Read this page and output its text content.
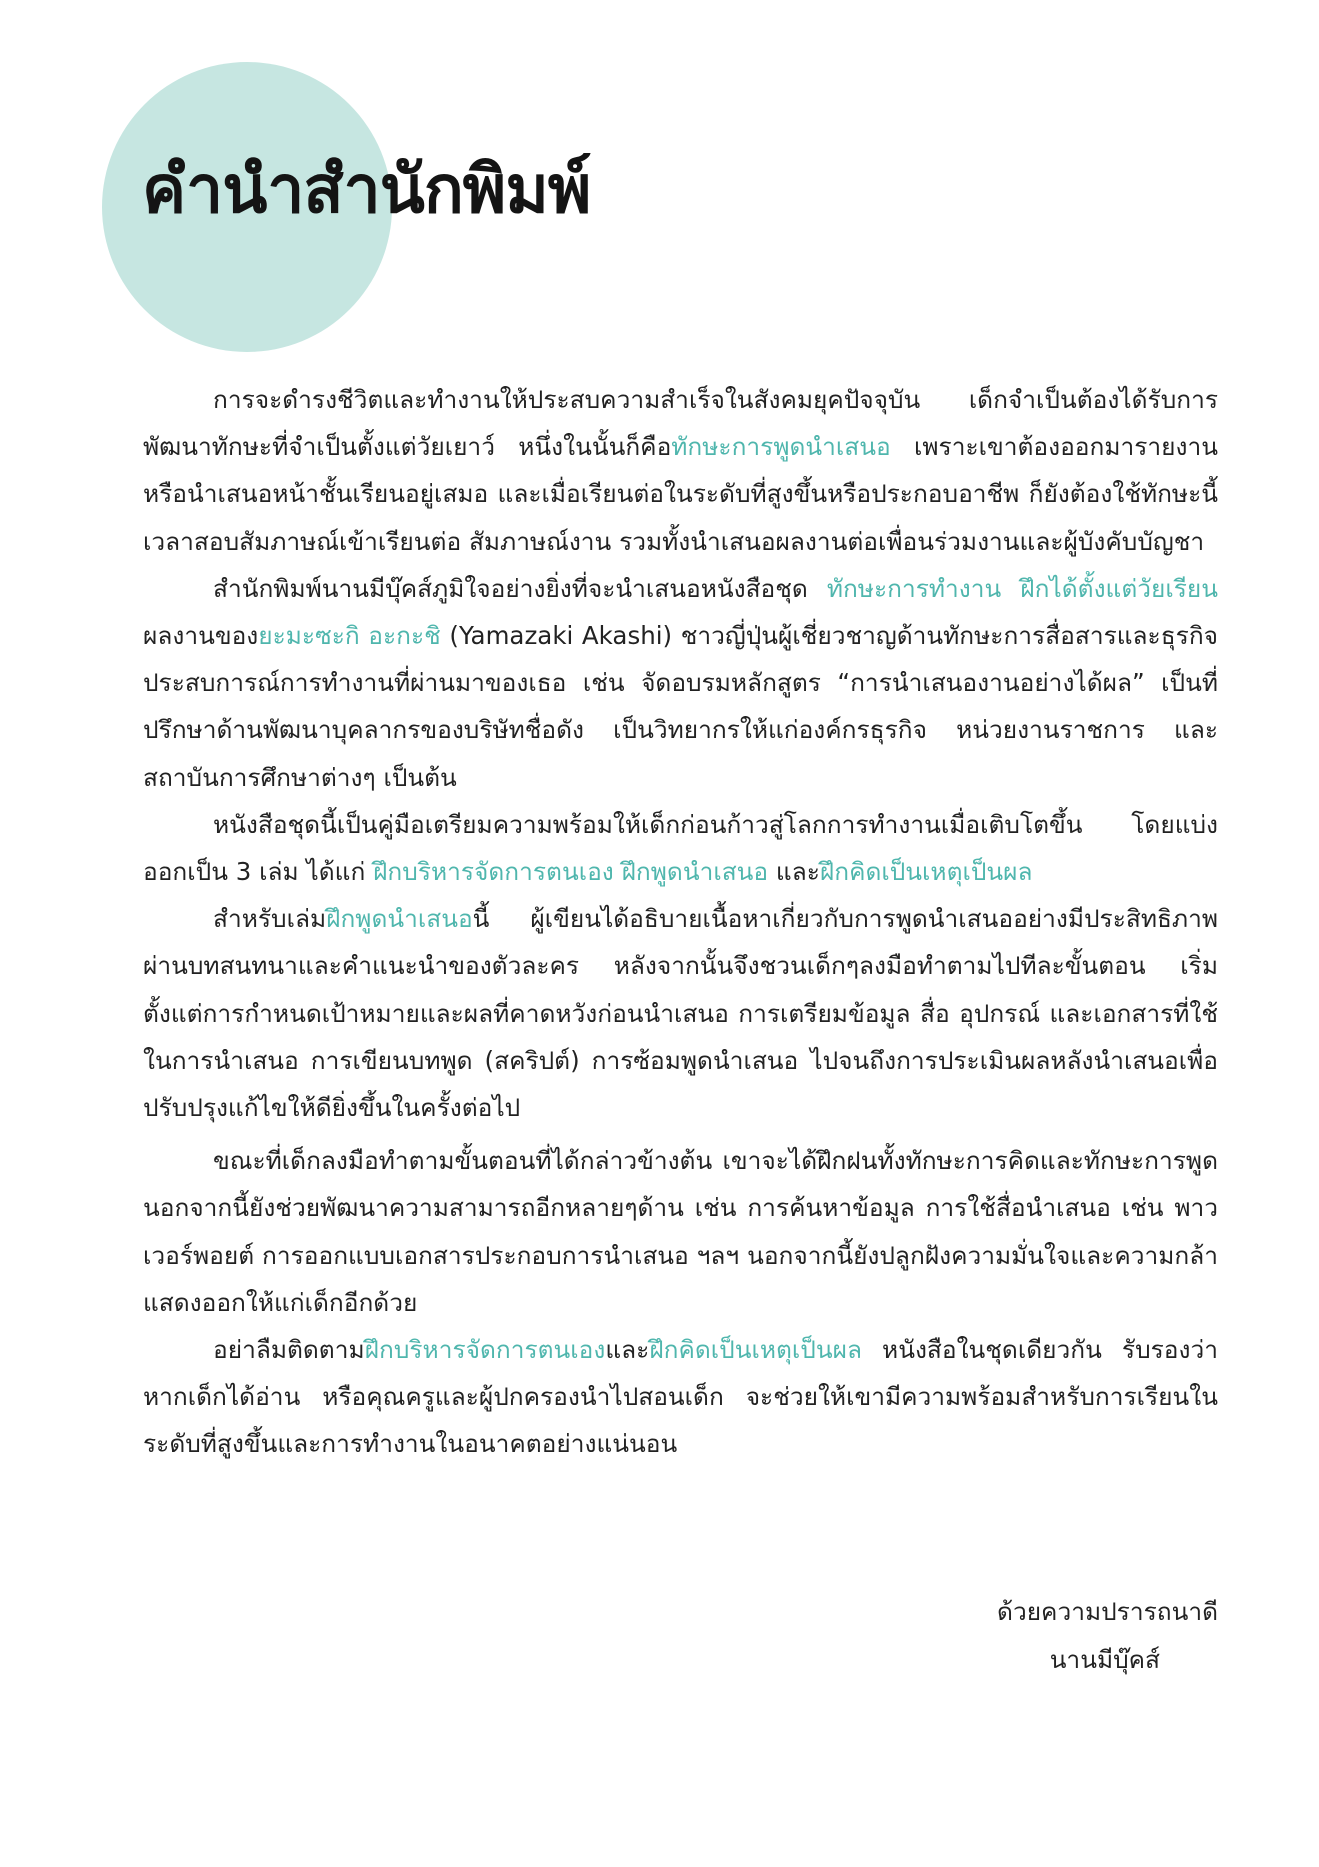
คำนำสำนักพิมพ์

การจะดำรงชีวิตและทำงานให้ประสบความสำเร็จในสังคมยุคปัจจุบัน เด็กจำเป็นต้องได้รับการพัฒนาทักษะที่จำเป็นตั้งแต่วัยเยาว์ หนึ่งในนั้นก็คือทักษะการพูดนำเสนอ เพราะเขาต้องออกมารายงานหรือนำเสนอหน้าชั้นเรียนอยู่เสมอ และเมื่อเรียนต่อในระดับที่สูงขึ้นหรือประกอบอาชีพ ก็ยังต้องใช้ทักษะนี้เวลาสอบสัมภาษณ์เข้าเรียนต่อ สัมภาษณ์งาน รวมทั้งนำเสนอผลงานต่อเพื่อนร่วมงานและผู้บังคับบัญชา

สำนักพิมพ์นานมีบุ๊คส์ภูมิใจอย่างยิ่งที่จะนำเสนอหนังสือชุด ทักษะการทำงาน ฝึกได้ตั้งแต่วัยเรียน ผลงานของยะมะซะกิ อะกะชิ (Yamazaki Akashi) ชาวญี่ปุ่นผู้เชี่ยวชาญด้านทักษะการสื่อสารและธุรกิจ ประสบการณ์การทำงานที่ผ่านมาของเธอ เช่น จัดอบรมหลักสูตร “การนำเสนองานอย่างได้ผล” เป็นที่ปรึกษาด้านพัฒนาบุคลากรของบริษัทชื่อดัง เป็นวิทยากรให้แก่องค์กรธุรกิจ หน่วยงานราชการ และสถาบันการศึกษาต่างๆ เป็นต้น

หนังสือชุดนี้เป็นคู่มือเตรียมความพร้อมให้เด็กก่อนก้าวสู่โลกการทำงานเมื่อเติบโตขึ้น โดยแบ่งออกเป็น 3 เล่ม ได้แก่ ฝึกบริหารจัดการตนเอง ฝึกพูดนำเสนอ และฝึกคิดเป็นเหตุเป็นผล

สำหรับเล่มฝึกพูดนำเสนอนี้ ผู้เขียนได้อธิบายเนื้อหาเกี่ยวกับการพูดนำเสนออย่างมีประสิทธิภาพผ่านบทสนทนาและคำแนะนำของตัวละคร หลังจากนั้นจึงชวนเด็กๆลงมือทำตามไปทีละขั้นตอน เริ่มตั้งแต่การกำหนดเป้าหมายและผลที่คาดหวังก่อนนำเสนอ การเตรียมข้อมูล สื่อ อุปกรณ์ และเอกสารที่ใช้ในการนำเสนอ การเขียนบทพูด (สคริปต์) การซ้อมพูดนำเสนอ ไปจนถึงการประเมินผลหลังนำเสนอเพื่อปรับปรุงแก้ไขให้ดียิ่งขึ้นในครั้งต่อไป

ขณะที่เด็กลงมือทำตามขั้นตอนที่ได้กล่าวข้างต้น เขาจะได้ฝึกฝนทั้งทักษะการคิดและทักษะการพูด นอกจากนี้ยังช่วยพัฒนาความสามารถอีกหลายๆด้าน เช่น การค้นหาข้อมูล การใช้สื่อนำเสนอ เช่น พาวเวอร์พอยต์ การออกแบบเอกสารประกอบการนำเสนอ ฯลฯ นอกจากนี้ยังปลูกฝังความมั่นใจและความกล้าแสดงออกให้แก่เด็กอีกด้วย

อย่าลืมติดตามฝึกบริหารจัดการตนเองและฝึกคิดเป็นเหตุเป็นผล หนังสือในชุดเดียวกัน รับรองว่าหากเด็กได้อ่าน หรือคุณครูและผู้ปกครองนำไปสอนเด็ก จะช่วยให้เขามีความพร้อมสำหรับการเรียนในระดับที่สูงขึ้นและการทำงานในอนาคตอย่างแน่นอน

ด้วยความปรารถนาดี

นานมีบุ๊คส์
